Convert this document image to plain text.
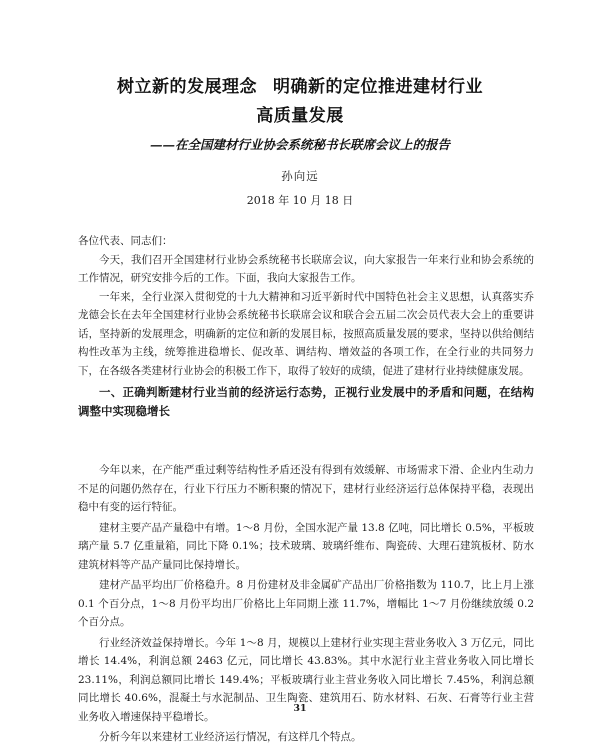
树立新的发展理念 明确新的定位推进建材行业
高质量发展
——在全国建材行业协会系统秘书长联席会议上的报告
孙向远
2018 年 10 月 18 日

各位代表、同志们：

今天，我们召开全国建材行业协会系统秘书长联席会议，向大家报告一年来行业和协会系统的工作情况，研究安排今后的工作。下面，我向大家报告工作。

一年来，全行业深入贯彻党的十九大精神和习近平新时代中国特色社会主义思想，认真落实乔龙德会长在去年全国建材行业协会系统秘书长联席会议和联合会五届二次会员代表大会上的重要讲话，坚持新的发展理念，明确新的定位和新的发展目标，按照高质量发展的要求，坚持以供给侧结构性改革为主线，统筹推进稳增长、促改革、调结构、增效益的各项工作，在全行业的共同努力下，在各级各类建材行业协会的积极工作下，取得了较好的成绩，促进了建材行业持续健康发展。

一、正确判断建材行业当前的经济运行态势，正视行业发展中的矛盾和问题，在结构调整中实现稳增长

今年以来，在产能严重过剩等结构性矛盾还没有得到有效缓解、市场需求下滑、企业内生动力不足的问题仍然存在，行业下行压力不断积聚的情况下，建材行业经济运行总体保持平稳，表现出稳中有变的运行特征。

建材主要产品产量稳中有增。1～8 月份，全国水泥产量 13.8 亿吨，同比增长 0.5%，平板玻璃产量 5.7 亿重量箱，同比下降 0.1%；技术玻璃、玻璃纤维布、陶瓷砖、大理石建筑板材、防水建筑材料等产品产量同比保持增长。

建材产品平均出厂价格稳升。8 月份建材及非金属矿产品出厂价格指数为 110.7，比上月上涨 0.1 个百分点，1～8 月份平均出厂价格比上年同期上涨 11.7%，增幅比 1～7 月份继续放缓 0.2 个百分点。

行业经济效益保持增长。今年 1～8 月，规模以上建材行业实现主营业务收入 3 万亿元，同比增长 14.4%，利润总额 2463 亿元，同比增长 43.83%。其中水泥行业主营业务收入同比增长 23.11%，利润总额同比增长 149.4%；平板玻璃行业主营业务收入同比增长 7.45%，利润总额同比增长 40.6%，混凝土与水泥制品、卫生陶瓷、建筑用石、防水材料、石灰、石膏等行业主营业务收入增速保持平稳增长。

分析今年以来建材工业经济运行情况，有这样几个特点。

31
